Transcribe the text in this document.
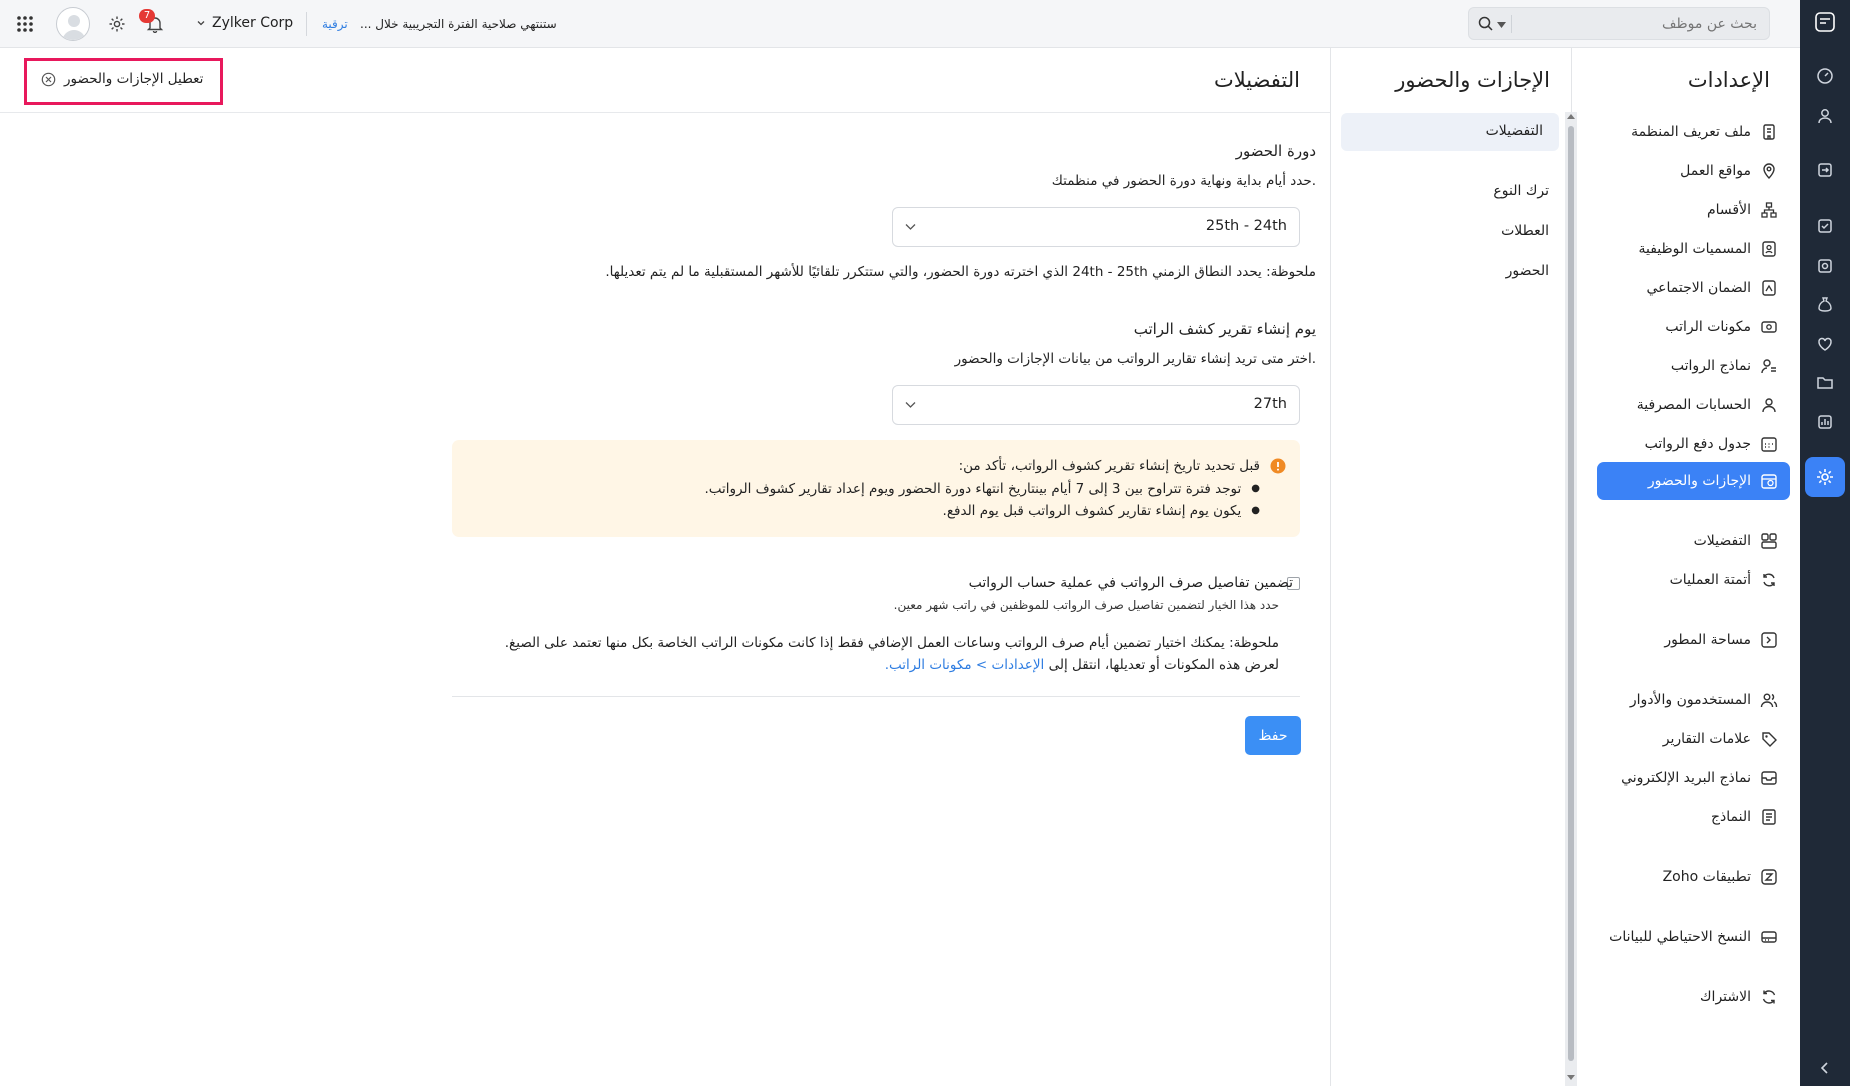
7	Zylker Corp ترقية ستنتهي صلاحية الفترة التجريبية خلال ...
بحث عن موظف
الإعدادات
الإجازات والحضور
التفضيلات
ترك النوع
العطلات
الحضور
التفضيلات
تعطيل الإجازات والحضور
دورة الحضور
حدد أيام بداية ونهاية دورة الحضور في منظمتك.
25th - 24th
ملحوظة: يحدد النطاق الزمني 24th - 25th الذي اخترته دورة الحضور، والتي ستتكرر تلقائيًا للأشهر المستقبلية ما لم يتم تعديلها.
يوم إنشاء تقرير كشف الراتب
اختر متى تريد إنشاء تقارير الرواتب من بيانات الإجازات والحضور.
27th
قبل تحديد تاريخ إنشاء تقرير كشوف الرواتب، تأكد من:
●
توجد فترة تتراوح بين 3 إلى 7 أيام بينتاريخ انتهاء دورة الحضور ويوم إعداد تقارير كشوف الرواتب.
●
يكون يوم إنشاء تقارير كشوف الرواتب قبل يوم الدفع.
تضمين تفاصيل صرف الرواتب في عملية حساب الرواتب
حدد هذا الخيار لتضمين تفاصيل صرف الرواتب للموظفين في راتب شهر معين.
ملحوظة: يمكنك اختيار تضمين أيام صرف الرواتب وساعات العمل الإضافي فقط إذا كانت مكونات الراتب الخاصة بكل منها تعتمد على الصيغ.
لعرض هذه المكونات أو تعديلها، انتقل إلى الإعدادات > مكونات الراتب.
حفظ
ملف تعريف المنظمة
مواقع العمل
الأقسام
المسميات الوظيفية
الضمان الاجتماعي
مكونات الراتب
نماذج الرواتب
الحسابات المصرفية
جدول دفع الرواتب
الإجازات والحضور
التفضيلات
أتمتة العمليات
مساحة المطور
المستخدمون والأدوار
علامات التقارير
نماذج البريد الإلكتروني
النماذج
تطبيقات Zoho
النسخ الاحتياطي للبيانات
الاشتراك
